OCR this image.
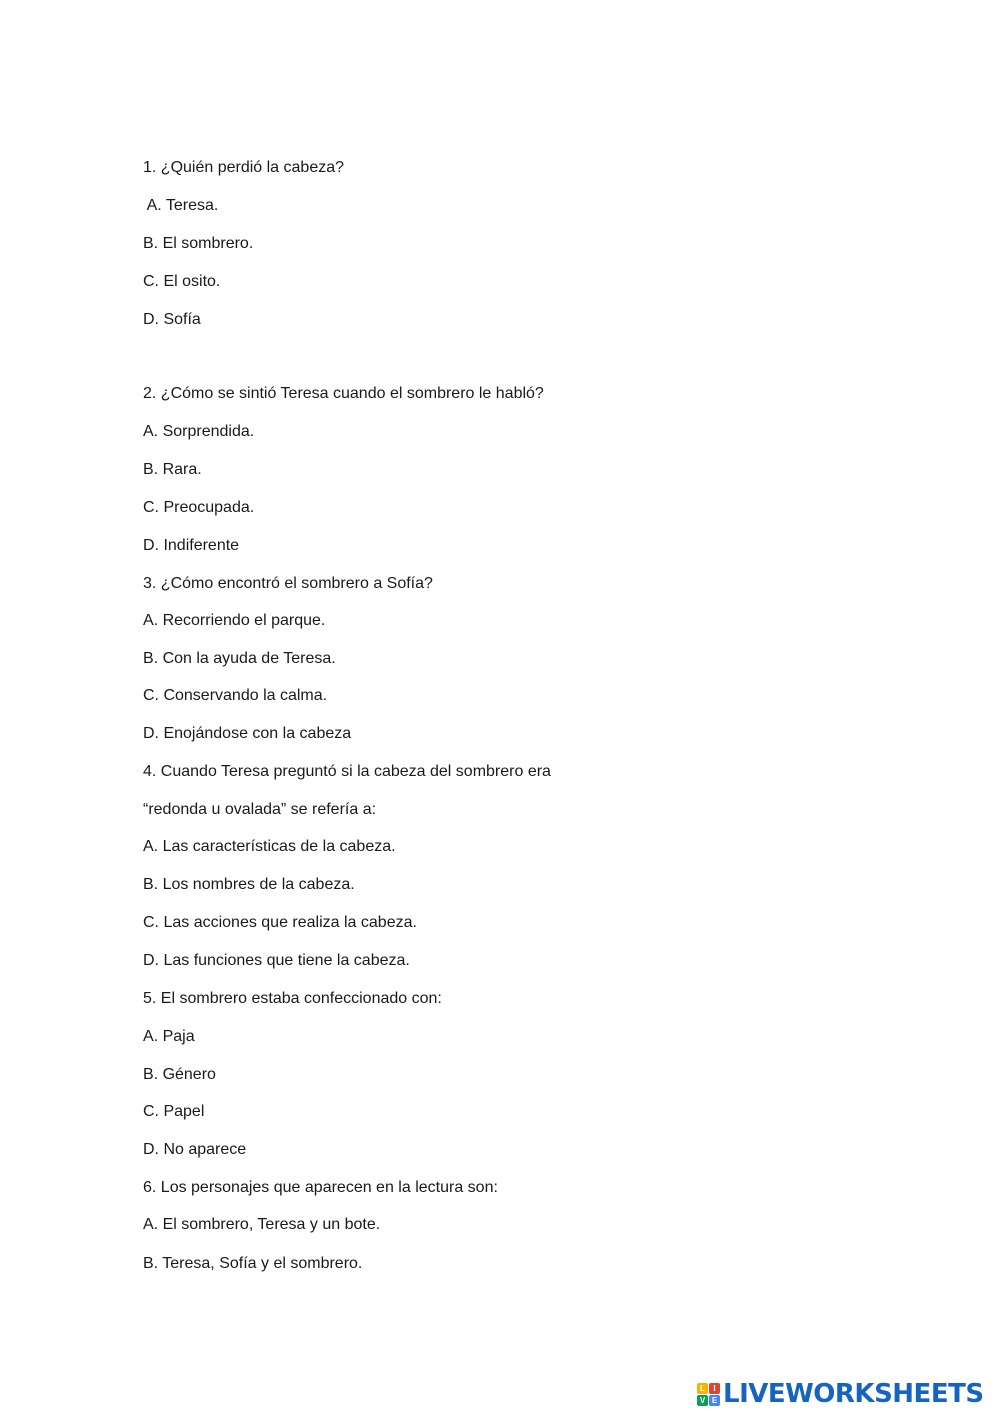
1. ¿Quién perdió la cabeza?
A. Teresa.
B. El sombrero.
C. El osito.
D. Sofía
2. ¿Cómo se sintió Teresa cuando el sombrero le habló?
A. Sorprendida.
B. Rara.
C. Preocupada.
D. Indiferente
3. ¿Cómo encontró el sombrero a Sofía?
A. Recorriendo el parque.
B. Con la ayuda de Teresa.
C. Conservando la calma.
D. Enojándose con la cabeza
4. Cuando Teresa preguntó si la cabeza del sombrero era
“redonda u ovalada” se refería a:
A. Las características de la cabeza.
B. Los nombres de la cabeza.
C. Las acciones que realiza la cabeza.
D. Las funciones que tiene la cabeza.
5. El sombrero estaba confeccionado con:
A. Paja
B. Género
C. Papel
D. No aparece
6. Los personajes que aparecen en la lectura son:
A. El sombrero, Teresa y un bote.
B. Teresa, Sofía y el sombrero.
L	I
V E LIVEWORKSHEETS
